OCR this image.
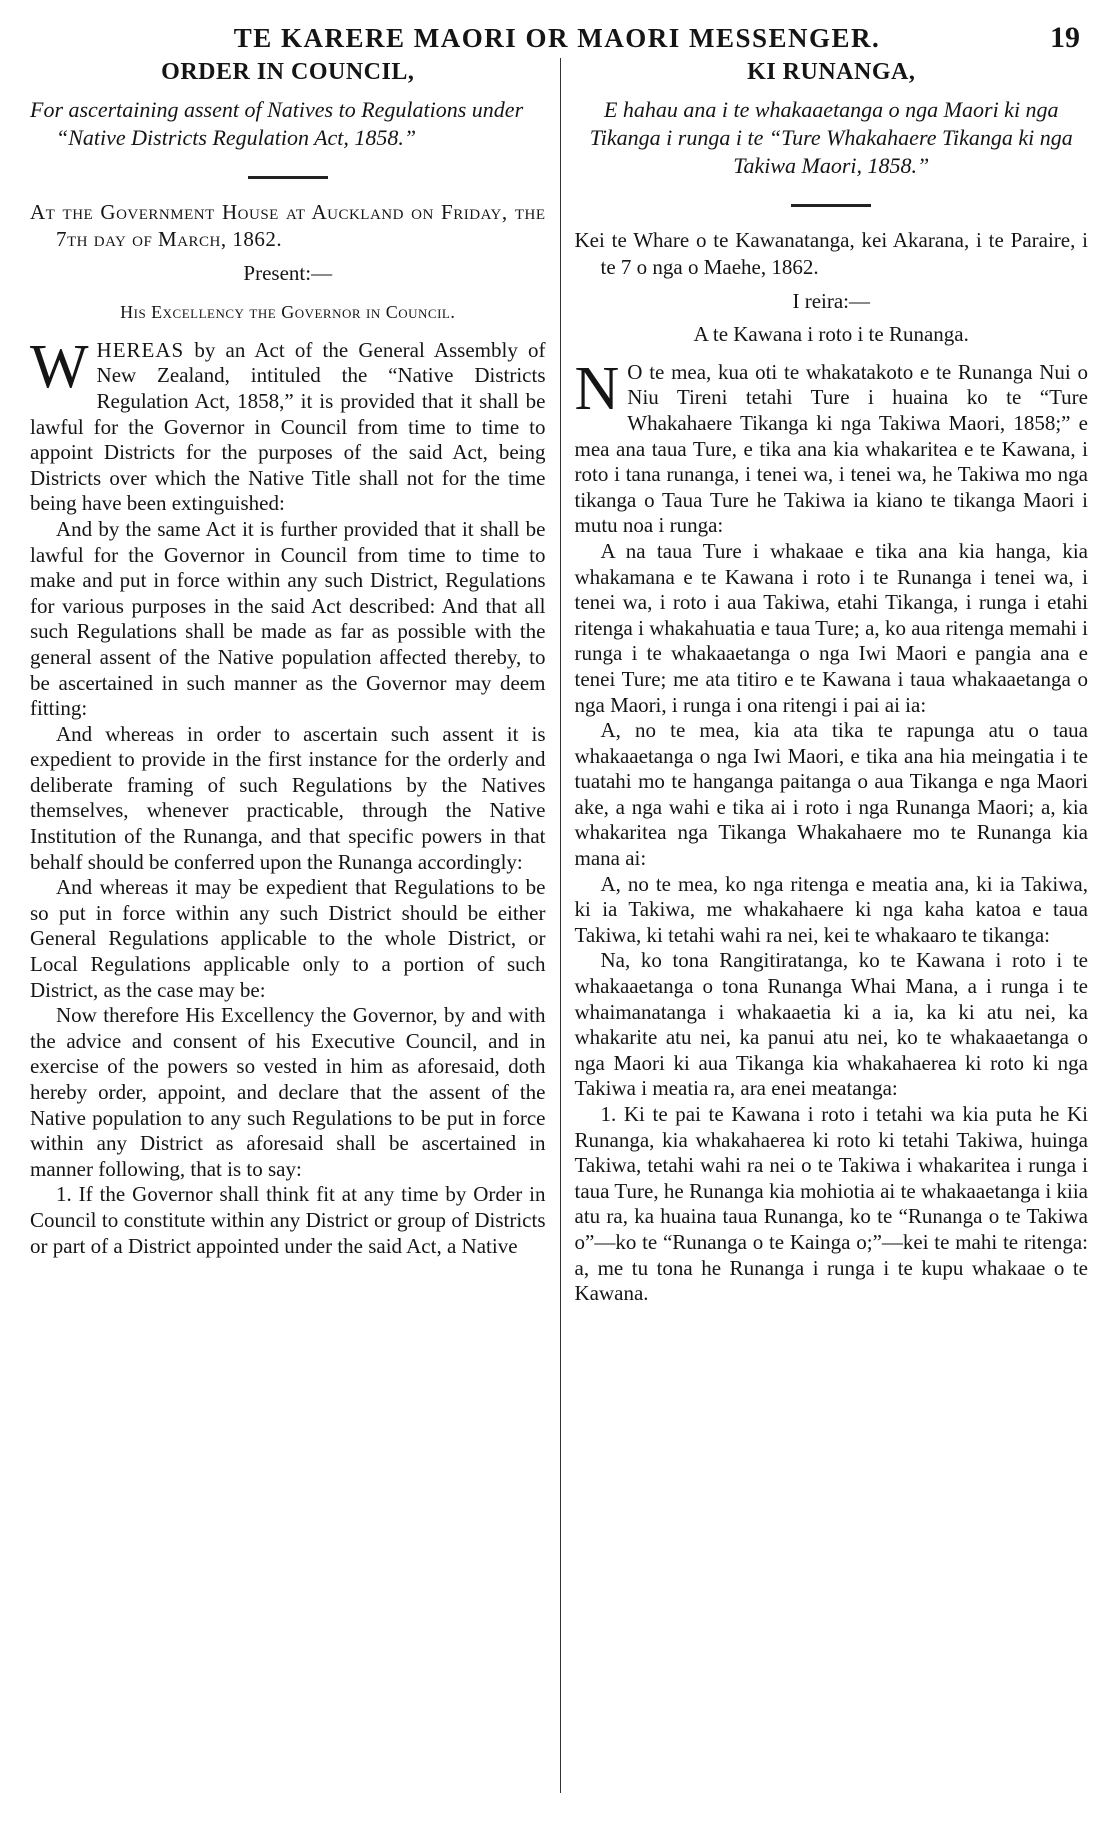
TE KARERE MAORI OR MAORI MESSENGER.	19
ORDER IN COUNCIL,

For ascertaining assent of Natives to Regulations under “Native Districts Regulation Act, 1858.”

At the Government House at Auckland on Friday, the 7th day of March, 1862.

Present:—
His Excellency the Governor in Council.

WHEREAS by an Act of the General Assembly of New Zealand, intituled the “Native Districts Regulation Act, 1858,” it is provided that it shall be lawful for the Governor in Council from time to time to appoint Districts for the purposes of the said Act, being Districts over which the Native Title shall not for the time being have been extinguished:

And by the same Act it is further provided that it shall be lawful for the Governor in Council from time to time to make and put in force within any such District, Regulations for various purposes in the said Act described: And that all such Regulations shall be made as far as possible with the general assent of the Native population affected thereby, to be ascertained in such manner as the Governor may deem fitting:

And whereas in order to ascertain such assent it is expedient to provide in the first instance for the orderly and deliberate framing of such Regulations by the Natives themselves, whenever practicable, through the Native Institution of the Runanga, and that specific powers in that behalf should be conferred upon the Runanga accordingly:

And whereas it may be expedient that Regulations to be so put in force within any such District should be either General Regulations applicable to the whole District, or Local Regulations applicable only to a portion of such District, as the case may be:

Now therefore His Excellency the Governor, by and with the advice and consent of his Executive Council, and in exercise of the powers so vested in him as aforesaid, doth hereby order, appoint, and declare that the assent of the Native population to any such Regulations to be put in force within any District as aforesaid shall be ascertained in manner following, that is to say:

1. If the Governor shall think fit at any time by Order in Council to constitute within any District or group of Districts or part of a District appointed under the said Act, a Native

KI RUNANGA,

E hahau ana i te whakaaetanga o nga Maori ki nga Tikanga i runga i te “Ture Whakahaere Tikanga ki nga Takiwa Maori, 1858.”

Kei te Whare o te Kawanatanga, kei Akarana, i te Paraire, i te 7 o nga o Maehe, 1862.

I reira:—
A te Kawana i roto i te Runanga.

N O te mea, kua oti te whakatakoto e te Runanga Nui o Niu Tireni tetahi Ture i huaina ko te “Ture Whakahaere Tikanga ki nga Takiwa Maori, 1858;” e mea ana taua Ture, e tika ana kia whakaritea e te Kawana, i roto i tana runanga, i tenei wa, i tenei wa, he Takiwa mo nga tikanga o Taua Ture he Takiwa ia kiano te tikanga Maori i mutu noa i runga:

A na taua Ture i whakaae e tika ana kia hanga, kia whakamana e te Kawana i roto i te Runanga i tenei wa, i tenei wa, i roto i aua Takiwa, etahi Tikanga, i runga i etahi ritenga i whakahuatia e taua Ture; a, ko aua ritenga memahi i runga i te whakaaetanga o nga Iwi Maori e pangia ana e tenei Ture; me ata titiro e te Kawana i taua whakaaetanga o nga Maori, i runga i ona ritengi i pai ai ia:

A, no te mea, kia ata tika te rapunga atu o taua whakaaetanga o nga Iwi Maori, e tika ana hia meingatia i te tuatahi mo te hanganga paitanga o aua Tikanga e nga Maori ake, a nga wahi e tika ai i roto i nga Runanga Maori; a, kia whakaritea nga Tikanga Whakahaere mo te Runanga kia mana ai:

A, no te mea, ko nga ritenga e meatia ana, ki ia Takiwa, ki ia Takiwa, me whakahaere ki nga kaha katoa e taua Takiwa, ki tetahi wahi ra nei, kei te whakaaro te tikanga:

Na, ko tona Rangitiratanga, ko te Kawana i roto i te whakaaetanga o tona Runanga Whai Mana, a i runga i te whaimanatanga i whakaaetia ki a ia, ka ki atu nei, ka whakarite atu nei, ka panui atu nei, ko te whakaaetanga o nga Maori ki aua Tikanga kia whakahaerea ki roto ki nga Takiwa i meatia ra, ara enei meatanga:

1. Ki te pai te Kawana i roto i tetahi wa kia puta he Ki Runanga, kia whakahaerea ki roto ki tetahi Takiwa, huinga Takiwa, tetahi wahi ra nei o te Takiwa i whakaritea i runga i taua Ture, he Runanga kia mohiotia ai te whakaaetanga i kiia atu ra, ka huaina taua Runanga, ko te “Runanga o te Takiwa o”—ko te “Runanga o te Kainga o;”—kei te mahi te ritenga: a, me tu tona he Runanga i runga i te kupu whakaae o te Kawana.
